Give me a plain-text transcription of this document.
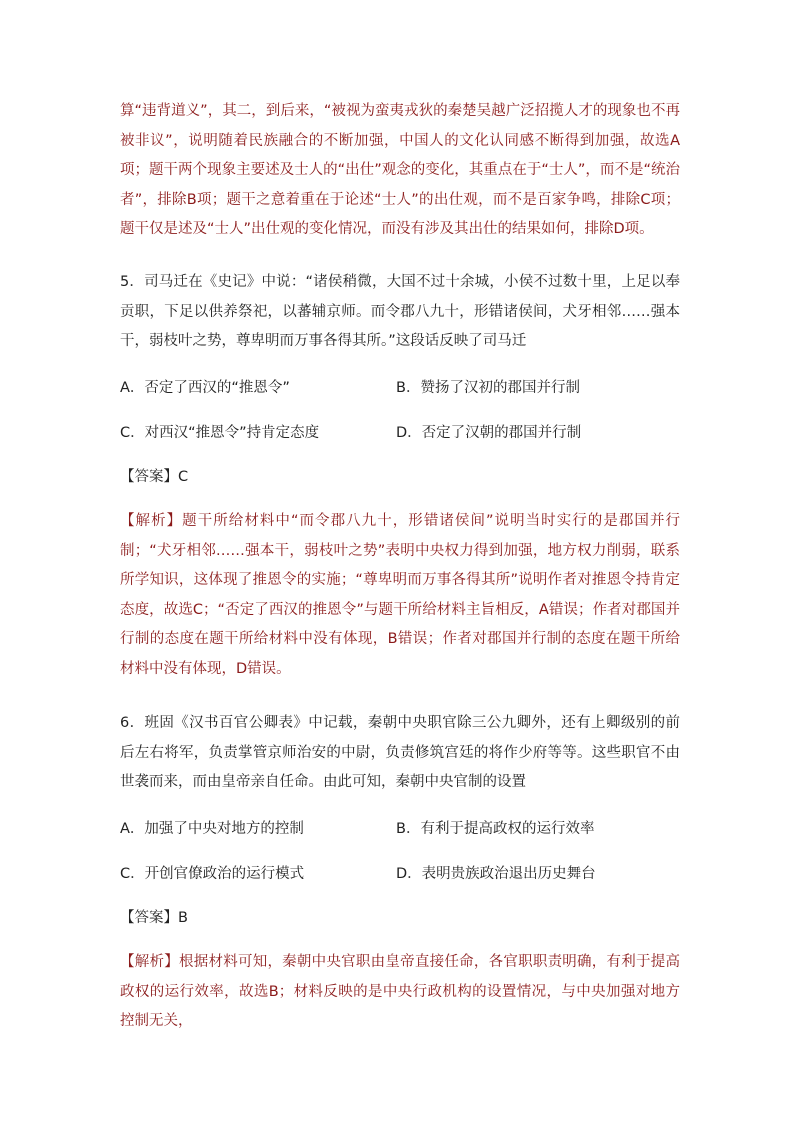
算“违背道义”，其二，到后来，“被视为蛮夷戎狄的秦楚吴越广泛招揽人才的现象也不再被非议”，说明随着民族融合的不断加强，中国人的文化认同感不断得到加强，故选A项；题干两个现象主要述及士人的“出仕”观念的变化，其重点在于“士人”，而不是“统治者”，排除B项；题干之意着重在于论述“士人”的出仕观，而不是百家争鸣，排除C项；题干仅是述及“士人”出仕观的变化情况，而没有涉及其出仕的结果如何，排除D项。

5．司马迁在《史记》中说：“诸侯稍微，大国不过十余城，小侯不过数十里，上足以奉贡职，下足以供养祭祀，以蕃辅京师。而令郡八九十，形错诸侯间，犬牙相邻……强本干，弱枝叶之势，尊卑明而万事各得其所。”这段话反映了司马迁

A．否定了西汉的“推恩令”	B．赞扬了汉初的郡国并行制
C．对西汉“推恩令”持肯定态度	D．否定了汉朝的郡国并行制
【答案】C

【解析】题干所给材料中“而令郡八九十，形错诸侯间”说明当时实行的是郡国并行制；“犬牙相邻……强本干，弱枝叶之势”表明中央权力得到加强，地方权力削弱，联系所学知识，这体现了推恩令的实施；“尊卑明而万事各得其所”说明作者对推恩令持肯定态度，故选C；“否定了西汉的推恩令”与题干所给材料主旨相反，A错误；作者对郡国并行制的态度在题干所给材料中没有体现，B错误；作者对郡国并行制的态度在题干所给材料中没有体现，D错误。

6．班固《汉书百官公卿表》中记载，秦朝中央职官除三公九卿外，还有上卿级别的前后左右将军，负责掌管京师治安的中尉，负责修筑宫廷的将作少府等等。这些职官不由世袭而来，而由皇帝亲自任命。由此可知，秦朝中央官制的设置

A．加强了中央对地方的控制	B．有利于提高政权的运行效率
C．开创官僚政治的运行模式	D．表明贵族政治退出历史舞台
【答案】B

【解析】根据材料可知，秦朝中央官职由皇帝直接任命，各官职职责明确，有利于提高政权的运行效率，故选B；材料反映的是中央行政机构的设置情况，与中央加强对地方控制无关，
